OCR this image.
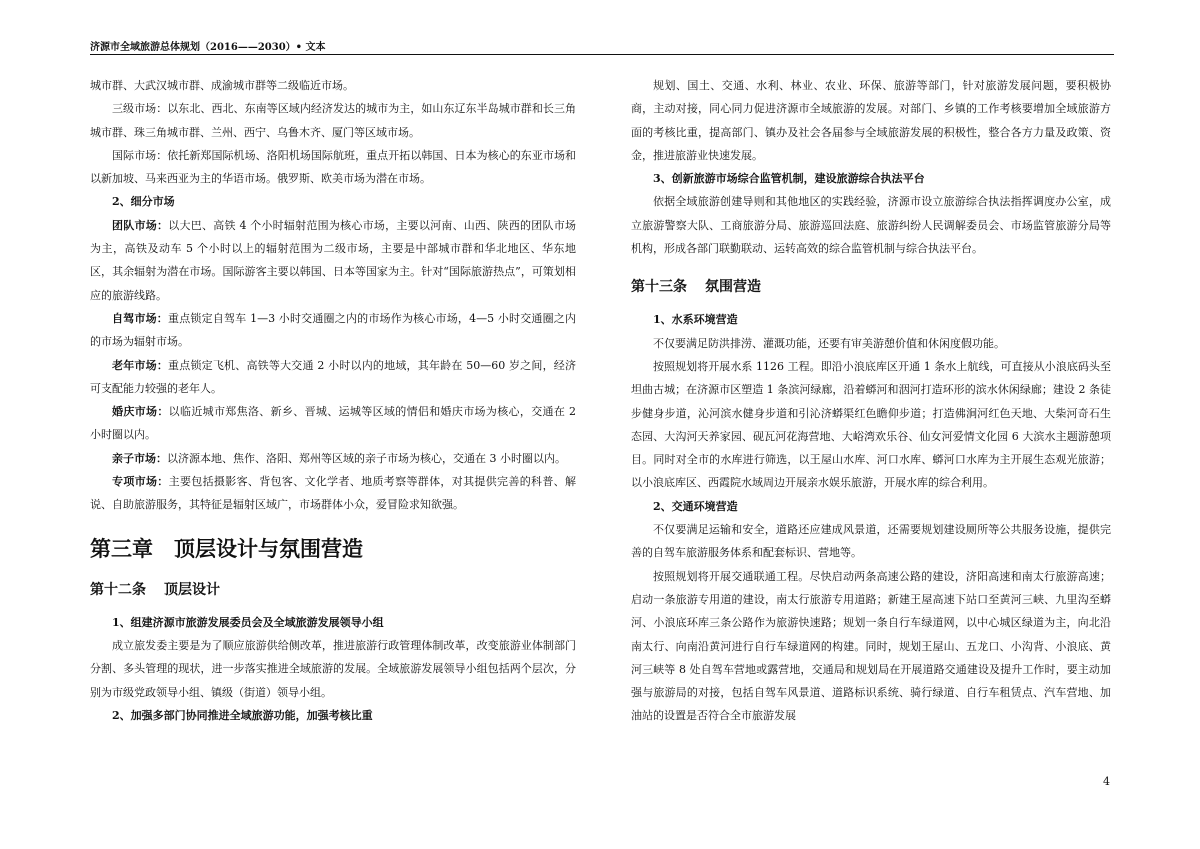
济源市全域旅游总体规划（2016——2030）• 文本

城市群、大武汉城市群、成渝城市群等二级临近市场。

三级市场：以东北、西北、东南等区域内经济发达的城市为主，如山东辽东半岛城市群和长三角城市群、珠三角城市群、兰州、西宁、乌鲁木齐、厦门等区域市场。

国际市场：依托新郑国际机场、洛阳机场国际航班，重点开拓以韩国、日本为核心的东亚市场和以新加坡、马来西亚为主的华语市场。俄罗斯、欧美市场为潜在市场。

2、细分市场

团队市场：以大巴、高铁 4 个小时辐射范围为核心市场，主要以河南、山西、陕西的团队市场为主，高铁及动车 5 个小时以上的辐射范围为二级市场，主要是中部城市群和华北地区、华东地区，其余辐射为潜在市场。国际游客主要以韩国、日本等国家为主。针对“国际旅游热点”，可策划相应的旅游线路。

自驾市场：重点锁定自驾车 1—3 小时交通圈之内的市场作为核心市场，4—5 小时交通圈之内的市场为辐射市场。

老年市场：重点锁定飞机、高铁等大交通 2 小时以内的地域，其年龄在 50—60 岁之间，经济可支配能力较强的老年人。

婚庆市场：以临近城市郑焦洛、新乡、晋城、运城等区域的情侣和婚庆市场为核心，交通在 2 小时圈以内。

亲子市场：以济源本地、焦作、洛阳、郑州等区域的亲子市场为核心，交通在 3 小时圈以内。

专项市场：主要包括摄影客、背包客、文化学者、地质考察等群体，对其提供完善的科普、解说、自助旅游服务，其特征是辐射区域广，市场群体小众，爱冒险求知欲强。

第三章　顶层设计与氛围营造

第十二条 顶层设计

1、组建济源市旅游发展委员会及全域旅游发展领导小组

成立旅发委主要是为了顺应旅游供给侧改革，推进旅游行政管理体制改革，改变旅游业体制部门分割、多头管理的现状，进一步落实推进全域旅游的发展。全域旅游发展领导小组包括两个层次，分别为市级党政领导小组、镇级（街道）领导小组。

2、加强多部门协同推进全域旅游功能，加强考核比重

规划、国土、交通、水利、林业、农业、环保、旅游等部门，针对旅游发展问题，要积极协商，主动对接，同心同力促进济源市全域旅游的发展。对部门、乡镇的工作考核要增加全域旅游方面的考核比重，提高部门、镇办及社会各届参与全域旅游发展的积极性，整合各方力量及政策、资金，推进旅游业快速发展。

3、创新旅游市场综合监管机制，建设旅游综合执法平台

依据全域旅游创建导则和其他地区的实践经验，济源市设立旅游综合执法指挥调度办公室，成立旅游警察大队、工商旅游分局、旅游巡回法庭、旅游纠纷人民调解委员会、市场监管旅游分局等机构，形成各部门联勤联动、运转高效的综合监管机制与综合执法平台。

第十三条 氛围营造

1、水系环境营造

不仅要满足防洪排涝、灌溉功能，还要有审美游憩价值和休闲度假功能。

按照规划将开展水系 1126 工程。即沿小浪底库区开通 1 条水上航线，可直接从小浪底码头至坦曲古城；在济源市区塑造 1 条滨河绿廊，沿着蟒河和洇河打造环形的滨水休闲绿廊；建设 2 条徒步健身步道，沁河滨水健身步道和引沁济蟒渠红色瞻仰步道；打造佛涧河红色天地、大柴河奇石生态园、大沟河天养家园、砚瓦河花海营地、大峪湾欢乐谷、仙女河爱情文化园 6 大滨水主题游憩项目。同时对全市的水库进行筛选，以王屋山水库、河口水库、蟒河口水库为主开展生态观光旅游；以小浪底库区、西霞院水域周边开展亲水娱乐旅游，开展水库的综合利用。

2、交通环境营造

不仅要满足运输和安全，道路还应建成风景道，还需要规划建设厕所等公共服务设施，提供完善的自驾车旅游服务体系和配套标识、营地等。

按照规划将开展交通联通工程。尽快启动两条高速公路的建设，济阳高速和南太行旅游高速；启动一条旅游专用道的建设，南太行旅游专用道路；新建王屋高速下站口至黄河三峡、九里沟至蟒河、小浪底环库三条公路作为旅游快速路；规划一条自行车绿道网，以中心城区绿道为主，向北沿南太行、向南沿黄河进行自行车绿道网的构建。同时，规划王屋山、五龙口、小沟背、小浪底、黄河三峡等 8 处自驾车营地或露营地，交通局和规划局在开展道路交通建设及提升工作时，要主动加强与旅游局的对接，包括自驾车风景道、道路标识系统、骑行绿道、自行车租赁点、汽车营地、加油站的设置是否符合全市旅游发展

4
